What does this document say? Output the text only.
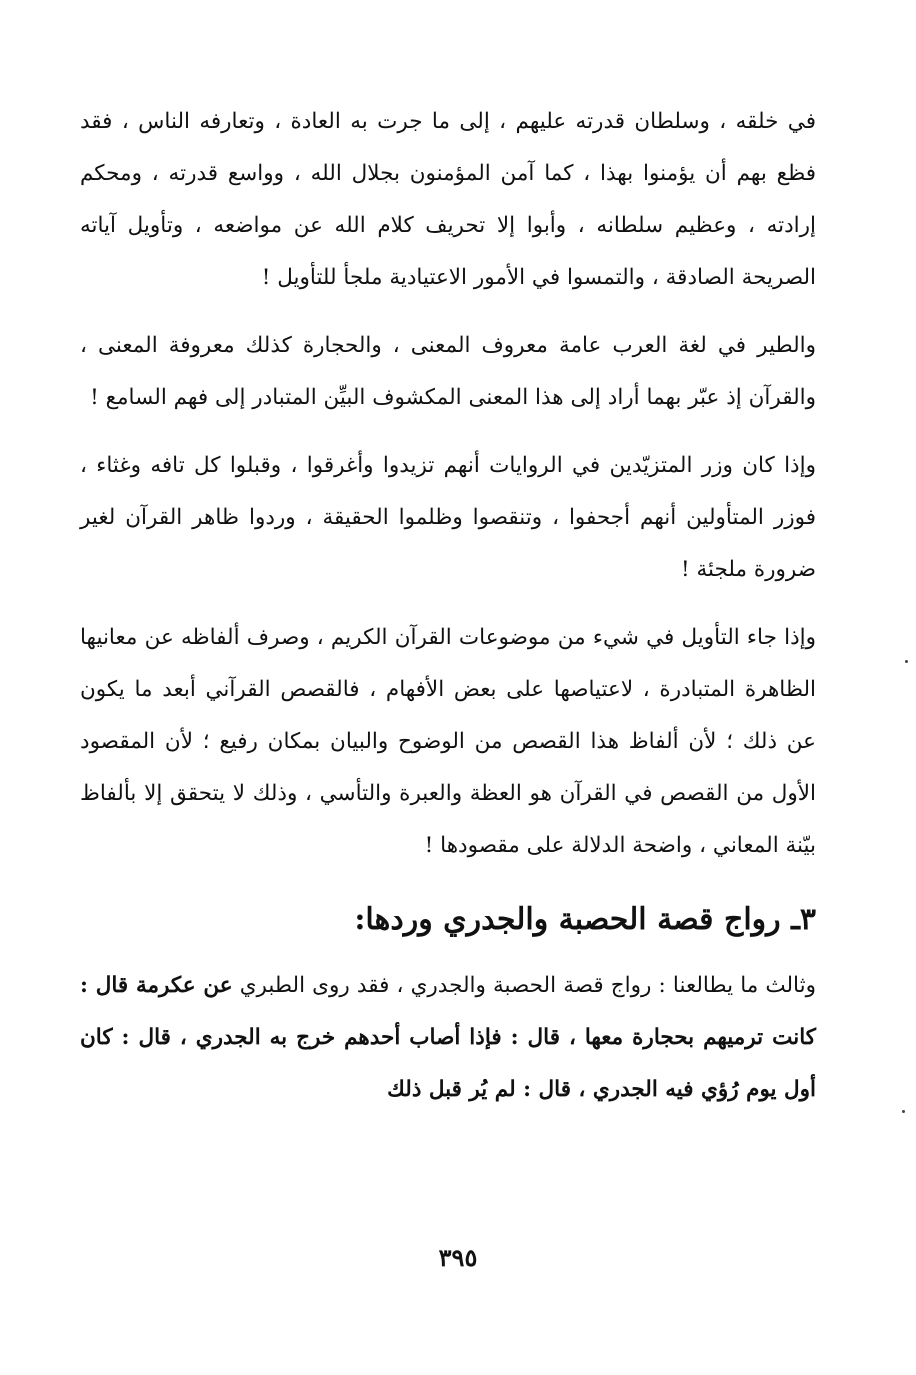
في خلقه ، وسلطان قدرته عليهم ، إلى ما جرت به العادة ، وتعارفه الناس ، فقد فظع بهم أن يؤمنوا بهذا ، كما آمن المؤمنون بجلال الله ، وواسع قدرته ، ومحكم إرادته ، وعظيم سلطانه ، وأبوا إلا تحريف كلام الله عن مواضعه ، وتأويل آياته الصريحة الصادقة ، والتمسوا في الأمور الاعتيادية ملجأ للتأويل !

والطير في لغة العرب عامة معروف المعنى ، والحجارة كذلك معروفة المعنى ، والقرآن إذ عبّر بهما أراد إلى هذا المعنى المكشوف البيِّن المتبادر إلى فهم السامع !

وإذا كان وزر المتزيّدين في الروايات أنهم تزيدوا وأغرقوا ، وقبلوا كل تافه وغثاء ، فوزر المتأولين أنهم أجحفوا ، وتنقصوا وظلموا الحقيقة ، وردوا ظاهر القرآن لغير ضرورة ملجئة !

وإذا جاء التأويل في شيء من موضوعات القرآن الكريم ، وصرف ألفاظه عن معانيها الظاهرة المتبادرة ، لاعتياصها على بعض الأفهام ، فالقصص القرآني أبعد ما يكون عن ذلك ؛ لأن ألفاظ هذا القصص من الوضوح والبيان بمكان رفيع ؛ لأن المقصود الأول من القصص في القرآن هو العظة والعبرة والتأسي ، وذلك لا يتحقق إلا بألفاظ بيّنة المعاني ، واضحة الدلالة على مقصودها !

٣ـ رواج قصة الحصبة والجدري وردها:

وثالث ما يطالعنا : رواج قصة الحصبة والجدري ، فقد روى الطبري عن عكرمة قال : كانت ترميهم بحجارة معها ، قال : فإذا أصاب أحدهم خرج به الجدري ، قال : كان أول يوم رُؤي فيه الجدري ، قال : لم يُر قبل ذلك

٣٩٥
